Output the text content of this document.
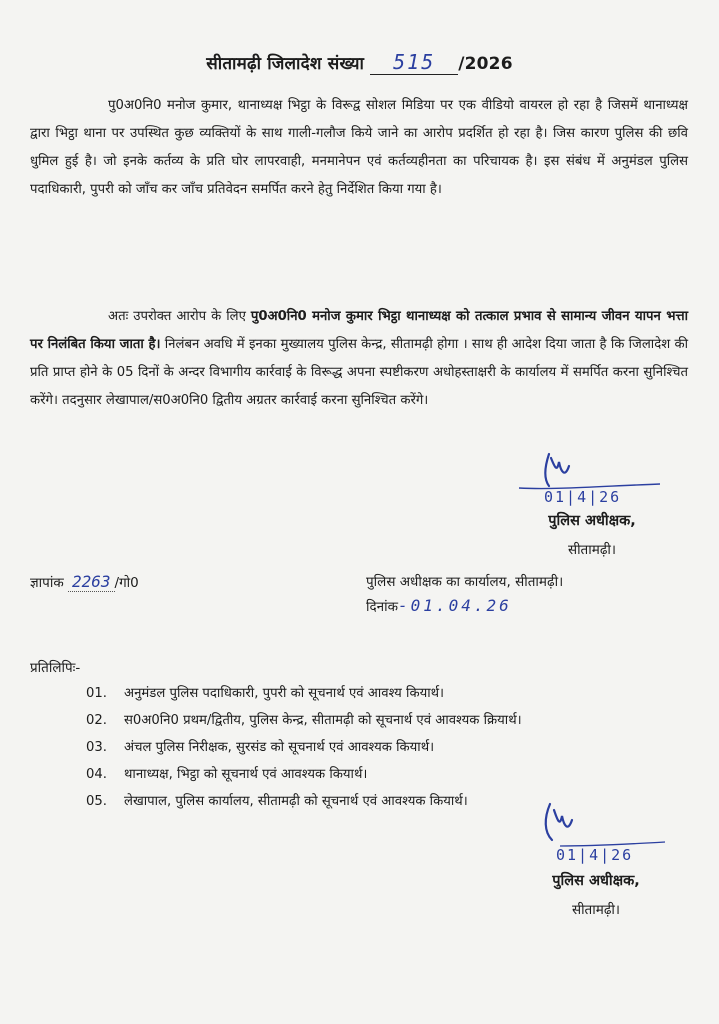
सीतामढ़ी जिलादेश संख्या 515 /2026
पु0अ0नि0 मनोज कुमार, थानाध्यक्ष भिट्ठा के विरूद्व सोशल मिडिया पर एक वीडियो वायरल हो रहा है जिसमें थानाध्यक्ष द्वारा भिट्ठा थाना पर उपस्थित कुछ व्यक्तियों के साथ गाली-गलौज किये जाने का आरोप प्रदर्शित हो रहा है। जिस कारण पुलिस की छवि धुमिल हुई है। जो इनके कर्तव्य के प्रति घोर लापरवाही, मनमानेपन एवं कर्तव्यहीनता का परिचायक है। इस संबंध में अनुमंडल पुलिस पदाधिकारी, पुपरी को जाँच कर जाँच प्रतिवेदन समर्पित करने हेतु निर्देशित किया गया है।
अतः उपरोक्त आरोप के लिए पु0अ0नि0 मनोज कुमार भिट्ठा थानाध्यक्ष को तत्काल प्रभाव से सामान्य जीवन यापन भत्ता पर निलंबित किया जाता है। निलंबन अवधि में इनका मुख्यालय पुलिस केन्द्र, सीतामढ़ी होगा । साथ ही आदेश दिया जाता है कि जिलादेश की प्रति प्राप्त होने के 05 दिनों के अन्दर विभागीय कार्रवाई के विरूद्ध अपना स्पष्टीकरण अधोहस्ताक्षरी के कार्यालय में समर्पित करना सुनिश्चित करेंगे। तदनुसार लेखापाल/स0अ0नि0 द्वितीय अग्रतर कार्रवाई करना सुनिश्चित करेंगे।
01|4|26
पुलिस अधीक्षक,
सीतामढ़ी।
ज्ञापांक 2263 /गो0	पुलिस अधीक्षक का कार्यालय, सीतामढ़ी।
दिनांक-01.04.26
प्रतिलिपिः-
01. अनुमंडल पुलिस पदाधिकारी, पुपरी को सूचनार्थ एवं आवश्य कियार्थ।
02. स0अ0नि0 प्रथम/द्वितीय, पुलिस केन्द्र, सीतामढ़ी को सूचनार्थ एवं आवश्यक क्रियार्थ।
03. अंचल पुलिस निरीक्षक, सुरसंड को सूचनार्थ एवं आवश्यक कियार्थ।
04. थानाध्यक्ष, भिट्ठा को सूचनार्थ एवं आवश्यक कियार्थ।
05. लेखापाल, पुलिस कार्यालय, सीतामढ़ी को सूचनार्थ एवं आवश्यक कियार्थ।
01|4|26
पुलिस अधीक्षक,
सीतामढ़ी।
